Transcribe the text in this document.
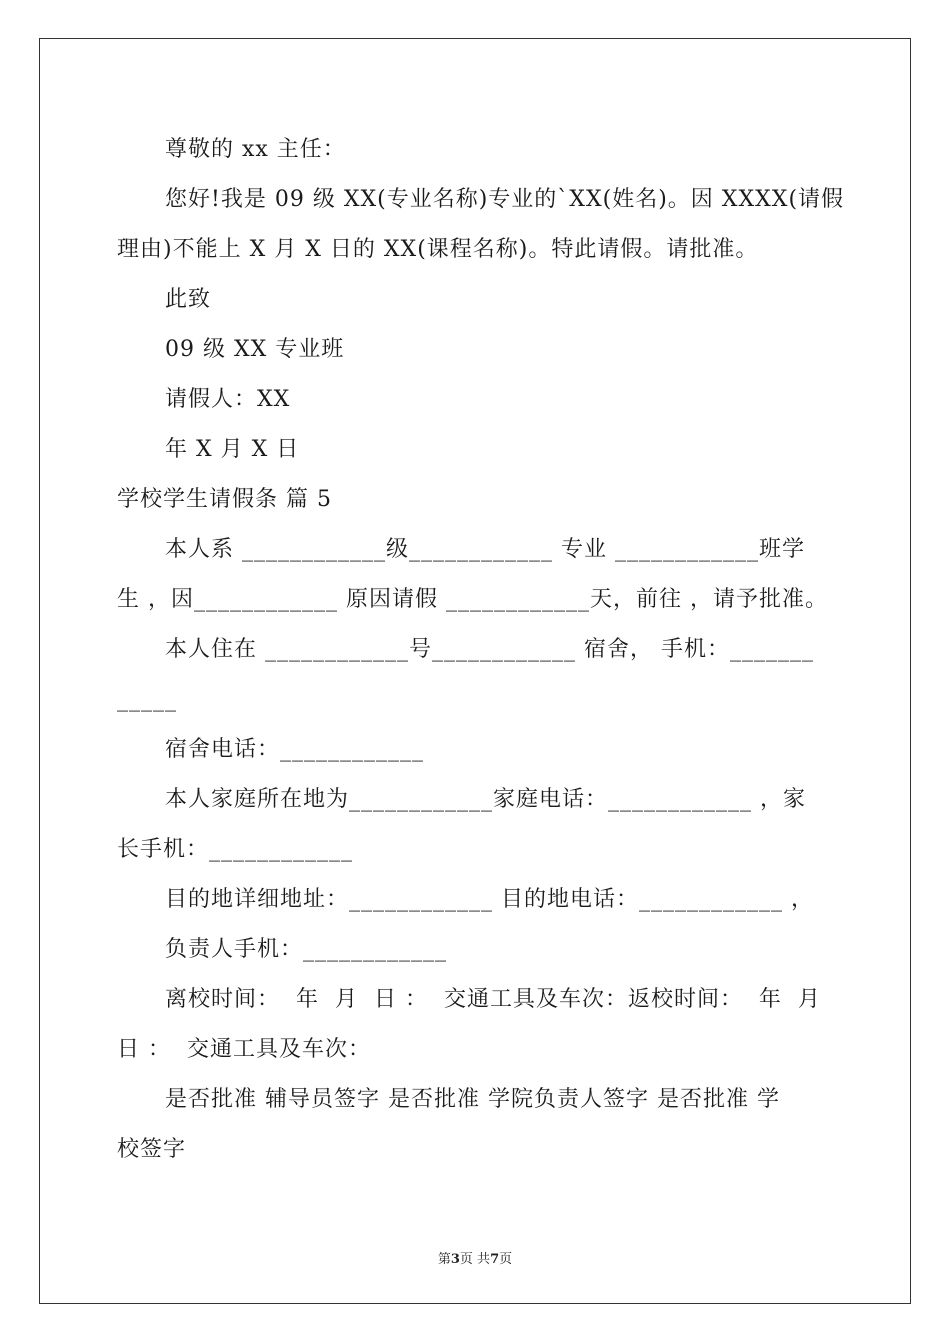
尊敬的 xx 主任：
您好!我是 09 级 XX(专业名称)专业的`XX(姓名)。因 XXXX(请假
理由)不能上 X 月 X 日的 XX(课程名称)。特此请假。请批准。
此致
09 级 XX 专业班
请假人：XX
年 X 月 X 日
学校学生请假条 篇 5
本人系 ____________级____________ 专业 ____________班学
生 ，因____________ 原因请假 ____________天，前往 ，请予批准。
本人住在 ____________号____________ 宿舍， 手机：_______
_____
宿舍电话：____________
本人家庭所在地为____________家庭电话：____________ ，家
长手机：____________
目的地详细地址：____________ 目的地电话：____________ ，
负责人手机：____________
离校时间：  年  月  日 ：  交通工具及车次：返校时间：  年  月
日 ：  交通工具及车次：
是否批准 辅导员签字 是否批准 学院负责人签字 是否批准 学
校签字
第3页 共7页
